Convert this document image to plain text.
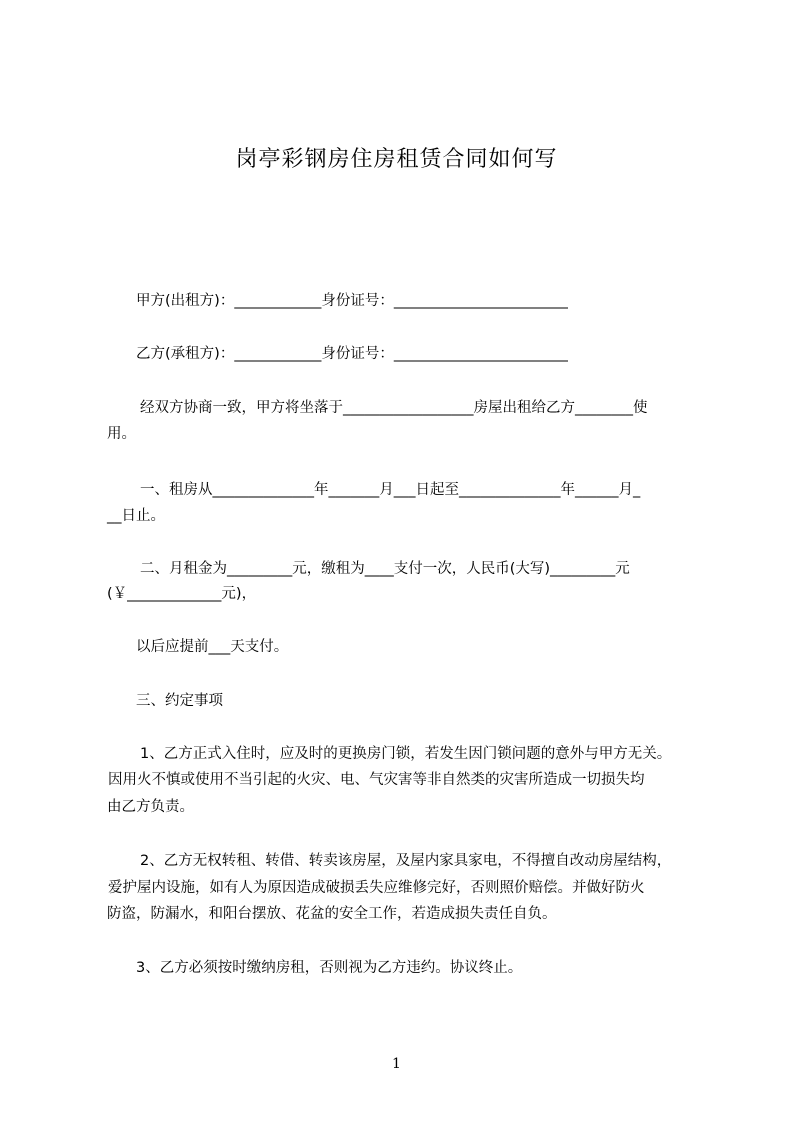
岗亭彩钢房住房租赁合同如何写
甲方(出租方)：____________身份证号：________________________
乙方(承租方)：____________身份证号：________________________
经双方协商一致，甲方将坐落于__________________房屋出租给乙方________使
用。
一、租房从______________年_______月___日起至______________年______月_
__日止。
二、月租金为_________元，缴租为____支付一次，人民币(大写)_________元
(￥_____________元)，
以后应提前___天支付。
三、约定事项
1、乙方正式入住时，应及时的更换房门锁，若发生因门锁问题的意外与甲方无关。
因用火不慎或使用不当引起的火灾、电、气灾害等非自然类的灾害所造成一切损失均
由乙方负责。
2、乙方无权转租、转借、转卖该房屋，及屋内家具家电，不得擅自改动房屋结构，
爱护屋内设施，如有人为原因造成破损丢失应维修完好，否则照价赔偿。并做好防火
防盗，防漏水，和阳台摆放、花盆的安全工作，若造成损失责任自负。
3、乙方必须按时缴纳房租，否则视为乙方违约。协议终止。
1
